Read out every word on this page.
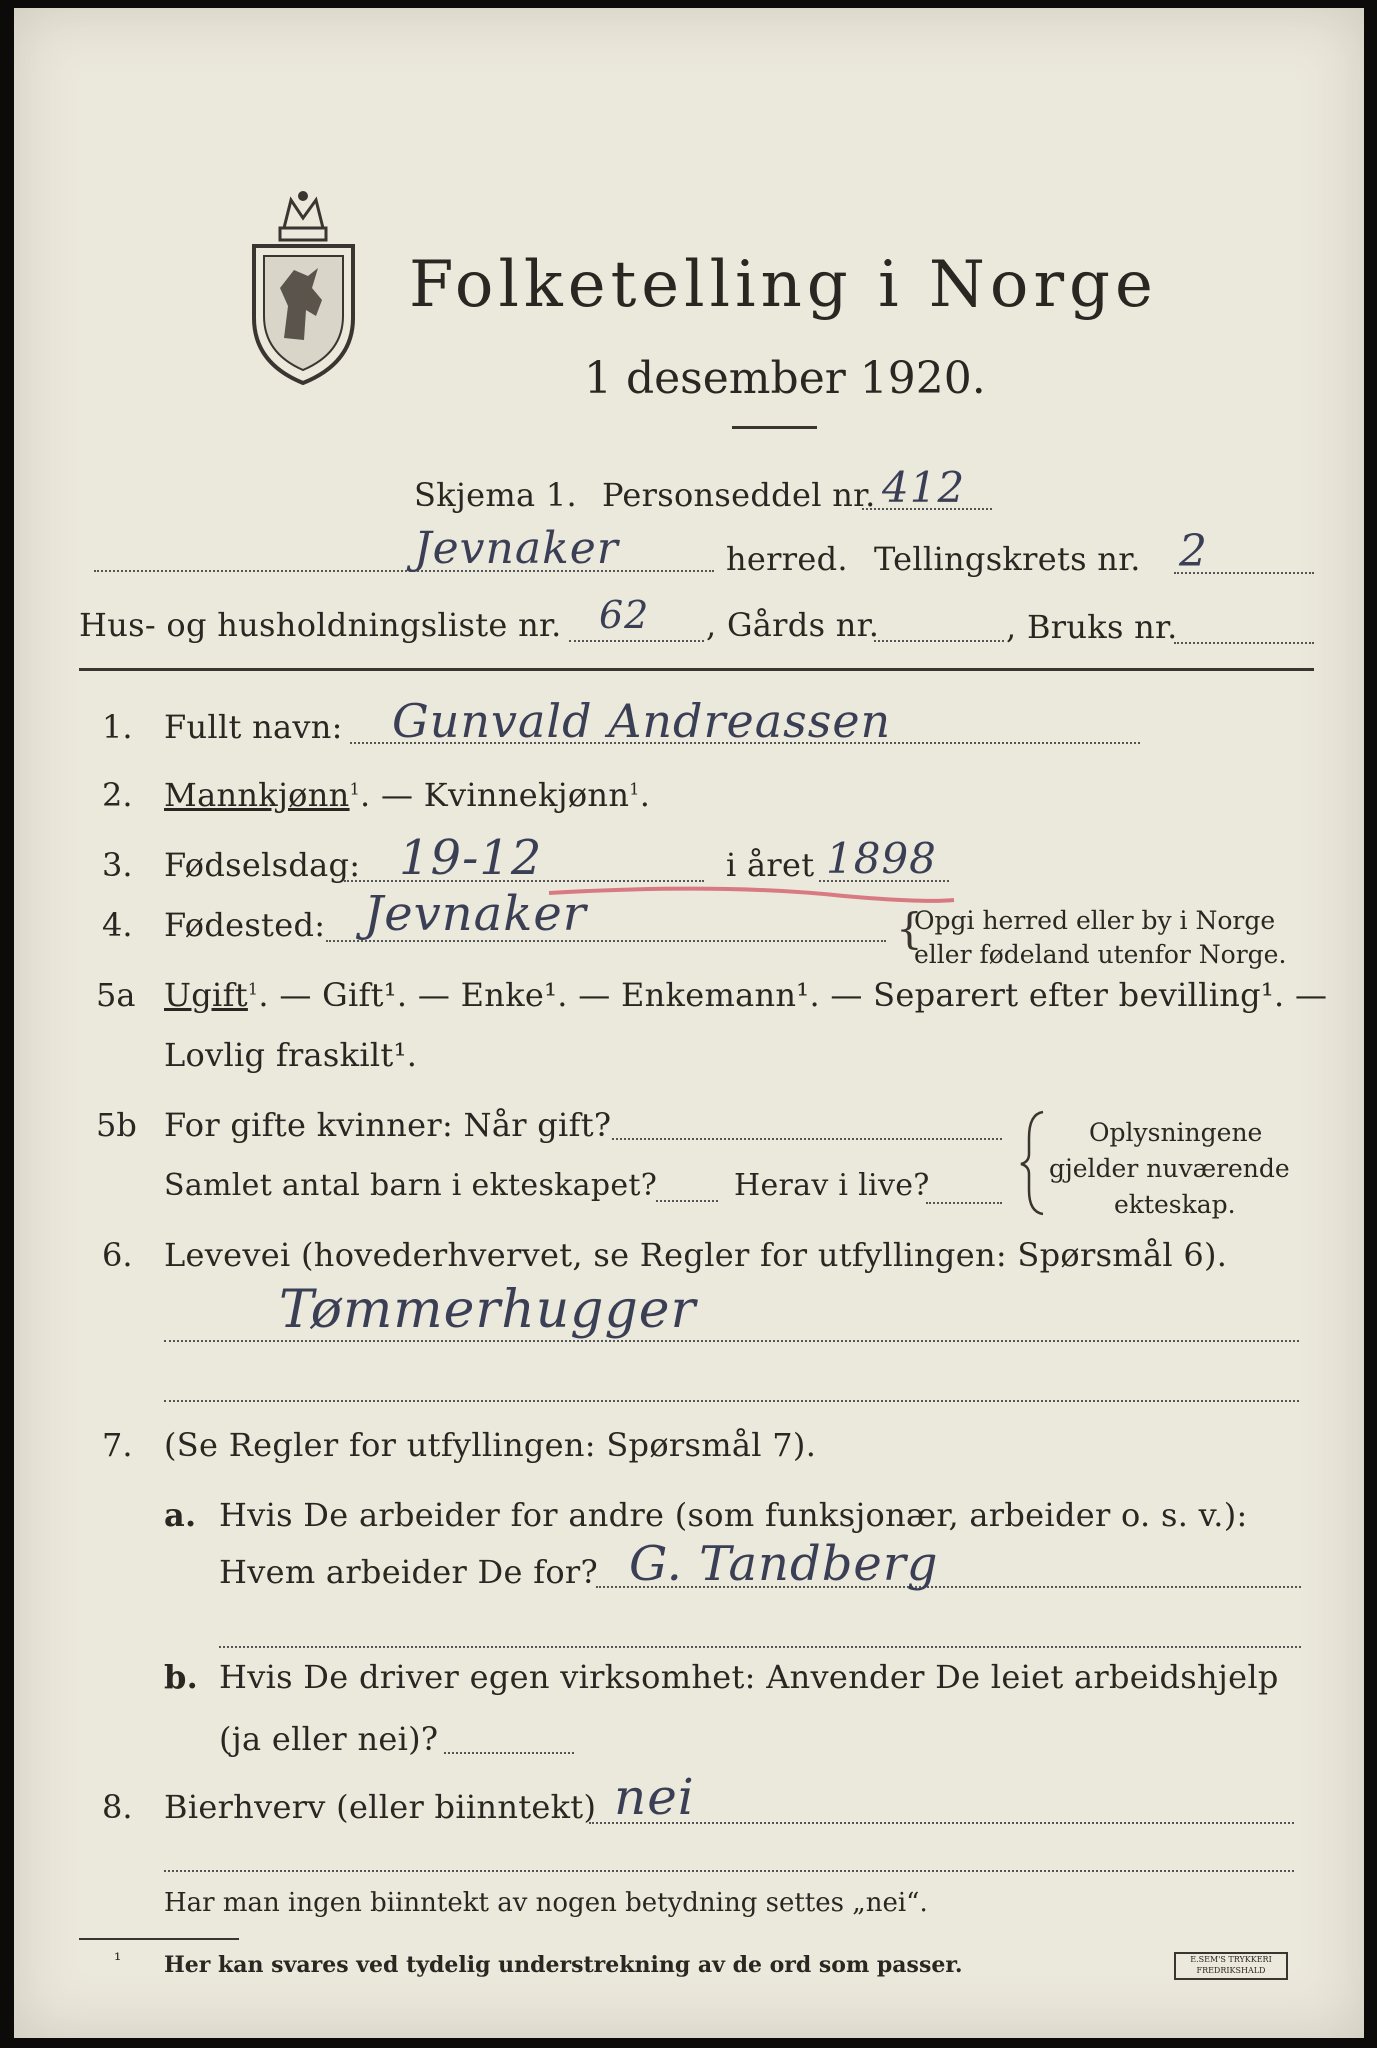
Folketelling i Norge
1 desember 1920.
Skjema 1. Personseddel nr. 412
Jevnaker	herred. Tellingskrets nr. 2
Hus- og husholdningsliste nr. 62 , Gårds nr.	, Bruks nr.
1. Fullt navn: Gunvald Andreassen
2. Mannkjønn$^1$. — Kvinnekjønn$^1$.
3. Fødselsdag: 19-12	i året 1898
4. Fødested: Jevnaker	{
Opgi herred eller by i Norge
eller fødeland utenfor Norge.
5a Ugift$^1$. — Gift¹. — Enke¹. — Enkemann¹. — Separert efter bevilling¹. —
Lovlig fraskilt¹.
5b For gifte kvinner: Når gift?
Samlet antal barn i ekteskapet?	Herav i live?
Oplysningene
gjelder nuværende
ekteskap.
6. Levevei (hovederhvervet, se Regler for utfyllingen: Spørsmål 6).
Tømmerhugger
7. (Se Regler for utfyllingen: Spørsmål 7).
a. Hvis De arbeider for andre (som funksjonær, arbeider o. s. v.):
Hvem arbeider De for? G. Tandberg
b. Hvis De driver egen virksomhet: Anvender De leiet arbeidshjelp
(ja eller nei)?
8. Bierhverv (eller biinntekt) nei
Har man ingen biinntekt av nogen betydning settes „nei“.
¹ Her kan svares ved tydelig understrekning av de ord som passer.	E.SEM'S TRYKKERI FREDRIKSHALD
